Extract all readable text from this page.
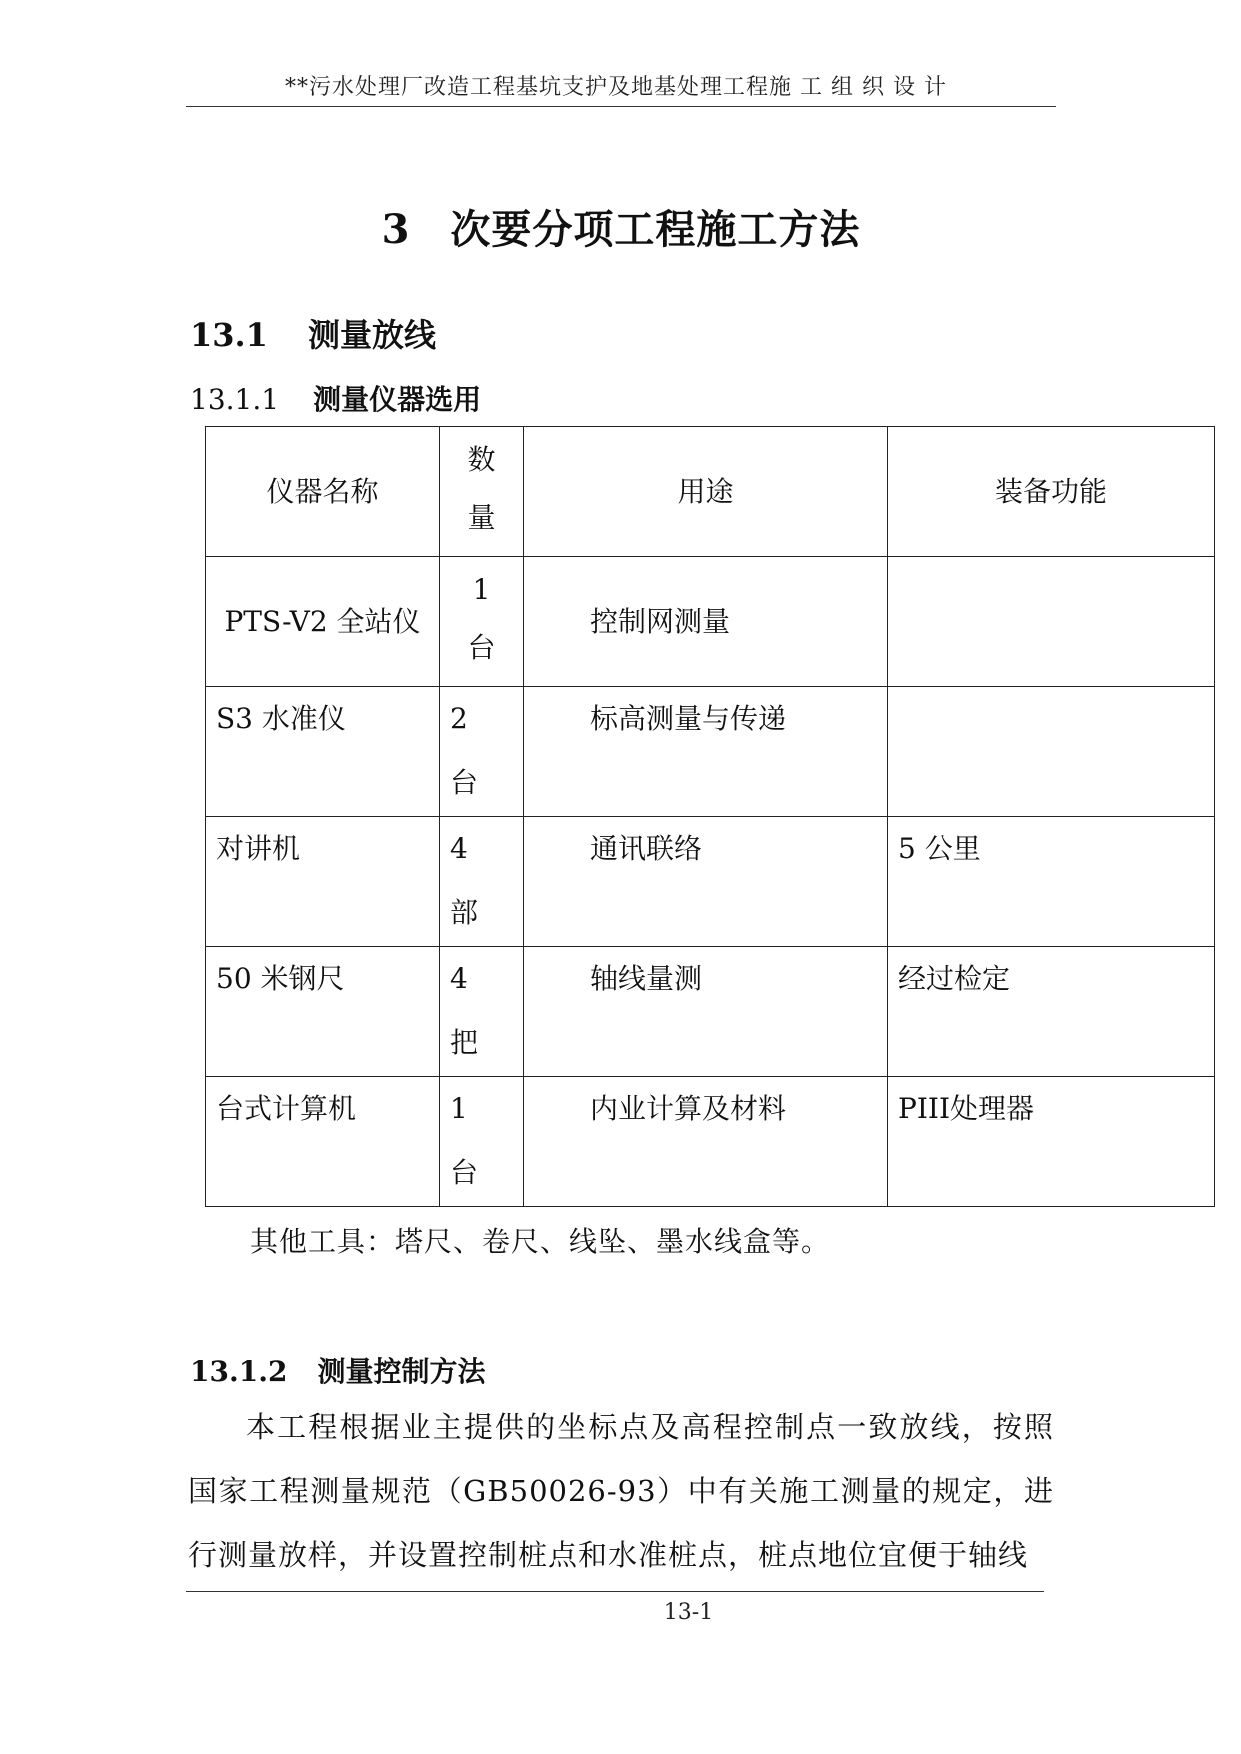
**污水处理厂改造工程基坑支护及地基处理工程施 工 组 织 设 计
3 次要分项工程施工方法
13.1 测量放线
13.1.1 测量仪器选用
仪器名称	数量	用途	装备功能
PTS-V2 全站仪	1台	控制网测量	
S3 水准仪	2台	标高测量与传递	
对讲机	4部	通讯联络	5 公里
50 米钢尺	4把	轴线量测	经过检定
台式计算机	1台	内业计算及材料	PIII处理器
其他工具：塔尺、卷尺、线坠、墨水线盒等。
13.1.2 测量控制方法
本工程根据业主提供的坐标点及高程控制点一致放线，按照国家工程测量规范（GB50026-93）中有关施工测量的规定，进行测量放样，并设置控制桩点和水准桩点，桩点地位宜便于轴线
13-1
